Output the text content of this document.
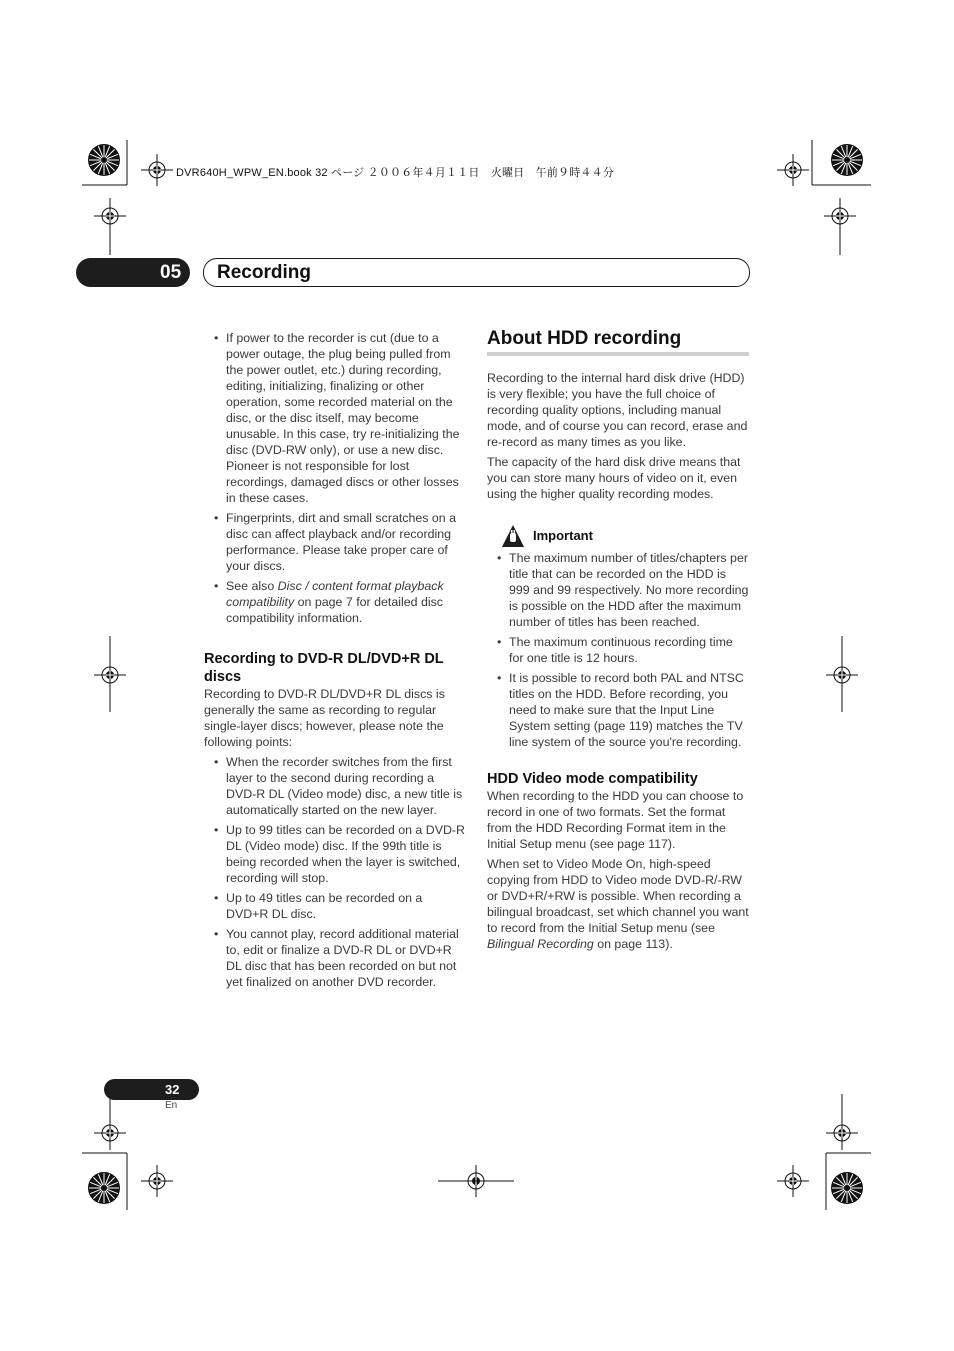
DVR640H_WPW_EN.book 32 ページ ２００６年４月１１日　火曜日　午前９時４４分
05 Recording
• If power to the recorder is cut (due to a power outage, the plug being pulled from the power outlet, etc.) during recording, editing, initializing, finalizing or other operation, some recorded material on the disc, or the disc itself, may become unusable. In this case, try re-initializing the disc (DVD-RW only), or use a new disc. Pioneer is not responsible for lost recordings, damaged discs or other losses in these cases.
• Fingerprints, dirt and small scratches on a disc can affect playback and/or recording performance. Please take proper care of your discs.
• See also Disc / content format playback compatibility on page 7 for detailed disc compatibility information.
Recording to DVD-R DL/DVD+R DL discs

Recording to DVD-R DL/DVD+R DL discs is generally the same as recording to regular single-layer discs; however, please note the following points:

• When the recorder switches from the first layer to the second during recording a DVD-R DL (Video mode) disc, a new title is automatically started on the new layer.
• Up to 99 titles can be recorded on a DVD-R DL (Video mode) disc. If the 99th title is being recorded when the layer is switched, recording will stop.
• Up to 49 titles can be recorded on a DVD+R DL disc.
• You cannot play, record additional material to, edit or finalize a DVD-R DL or DVD+R DL disc that has been recorded on but not yet finalized on another DVD recorder.
About HDD recording

Recording to the internal hard disk drive (HDD) is very flexible; you have the full choice of recording quality options, including manual mode, and of course you can record, erase and re-record as many times as you like.

The capacity of the hard disk drive means that you can store many hours of video on it, even using the higher quality recording modes.

Important
• The maximum number of titles/chapters per title that can be recorded on the HDD is 999 and 99 respectively. No more recording is possible on the HDD after the maximum number of titles has been reached.
• The maximum continuous recording time for one title is 12 hours.
• It is possible to record both PAL and NTSC titles on the HDD. Before recording, you need to make sure that the Input Line System setting (page 119) matches the TV line system of the source you're recording.
HDD Video mode compatibility

When recording to the HDD you can choose to record in one of two formats. Set the format from the HDD Recording Format item in the Initial Setup menu (see page 117).

When set to Video Mode On, high-speed copying from HDD to Video mode DVD-R/-RW or DVD+R/+RW is possible. When recording a bilingual broadcast, set which channel you want to record from the Initial Setup menu (see Bilingual Recording on page 113).

32
En
